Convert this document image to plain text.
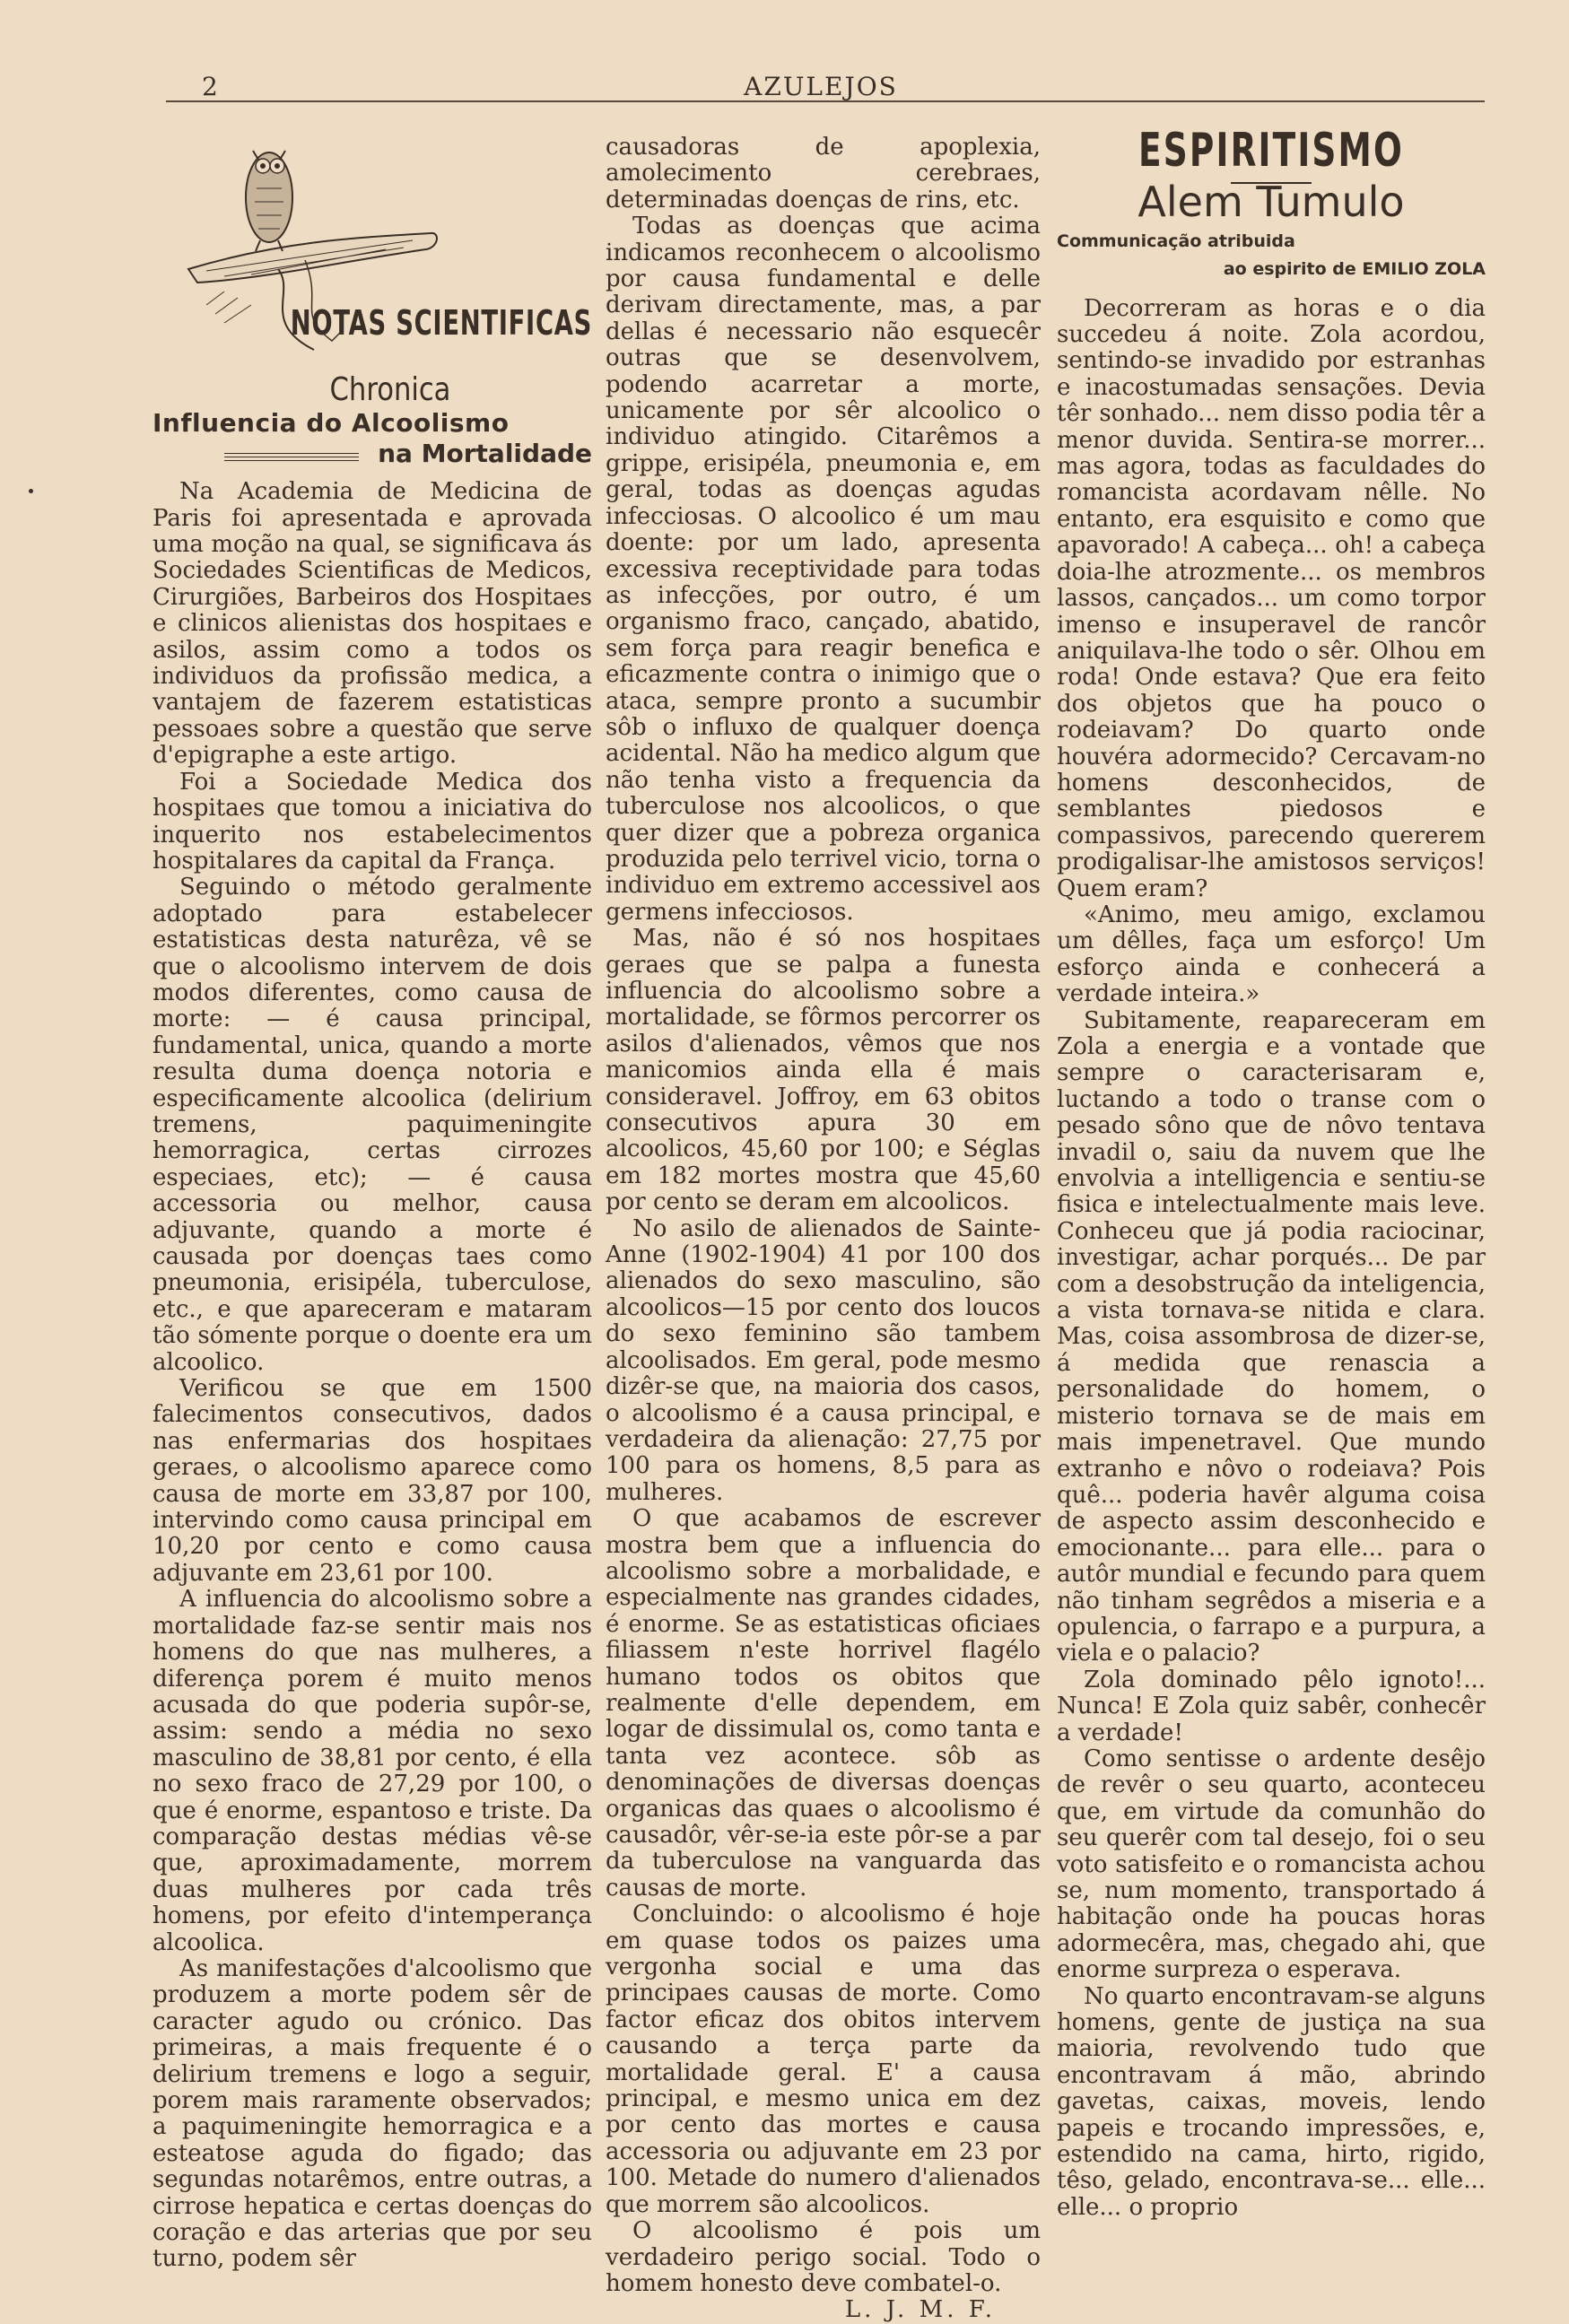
2	AZULEJOS
NOTAS SCIENTIFICAS
Chronica
Influencia do Alcoolismo
na Mortalidade

Na Academia de Medicina de Paris foi apresentada e aprovada uma moção na qual, se significava ás Sociedades Scientificas de Medicos, Cirurgiões, Barbeiros dos Hospitaes e clinicos alienistas dos hospitaes e asilos, assim como a todos os individuos da profissão medica, a vantajem de fazerem estatisticas pessoaes sobre a questão que serve d'epigraphe a este artigo.

Foi a Sociedade Medica dos hospitaes que tomou a iniciativa do inquerito nos estabelecimentos hospitalares da capital da França.

Seguindo o método geralmente adoptado para estabelecer estatisticas desta naturêza, vê se que o alcoolismo intervem de dois modos diferentes, como causa de morte: — é causa principal, fundamental, unica, quando a morte resulta duma doença notoria e especificamente alcoolica (delirium tremens, paquimeningite hemorragica, certas cirrozes especiaes, etc); — é causa accessoria ou melhor, causa adjuvante, quando a morte é causada por doenças taes como pneumonia, erisipéla, tuberculose, etc., e que apareceram e mataram tão sómente porque o doente era um alcoolico.

Verificou se que em 1500 falecimentos consecutivos, dados nas enfermarias dos hospitaes geraes, o alcoolismo aparece como causa de morte em 33,87 por 100, intervindo como causa principal em 10,20 por cento e como causa adjuvante em 23,61 por 100.

A influencia do alcoolismo sobre a mortalidade faz-se sentir mais nos homens do que nas mulheres, a diferença porem é muito menos acusada do que poderia supôr-se, assim: sendo a média no sexo masculino de 38,81 por cento, é ella no sexo fraco de 27,29 por 100, o que é enorme, espantoso e triste. Da comparação destas médias vê-se que, aproximadamente, morrem duas mulheres por cada três homens, por efeito d'intemperança alcoolica.

As manifestações d'alcoolismo que produzem a morte podem sêr de caracter agudo ou crónico. Das primeiras, a mais frequente é o delirium tremens e logo a seguir, porem mais raramente observados; a paquimeningite hemorragica e a esteatose aguda do figado; das segundas notarêmos, entre outras, a cirrose hepatica e certas doenças do coração e das arterias que por seu turno, podem sêr

causadoras de apoplexia, amolecimento cerebraes, determinadas doenças de rins, etc.

Todas as doenças que acima indicamos reconhecem o alcoolismo por causa fundamental e delle derivam directamente, mas, a par dellas é necessario não esquecêr outras que se desenvolvem, podendo acarretar a morte, unicamente por sêr alcoolico o individuo atingido. Citarêmos a grippe, erisipéla, pneumonia e, em geral, todas as doenças agudas infecciosas. O alcoolico é um mau doente: por um lado, apresenta excessiva receptividade para todas as infecções, por outro, é um organismo fraco, cançado, abatido, sem força para reagir benefica e eficazmente contra o inimigo que o ataca, sempre pronto a sucumbir sôb o influxo de qualquer doença acidental. Não ha medico algum que não tenha visto a frequencia da tuberculose nos alcoolicos, o que quer dizer que a pobreza organica produzida pelo terrivel vicio, torna o individuo em extremo accessivel aos germens infecciosos.

Mas, não é só nos hospitaes geraes que se palpa a funesta influencia do alcoolismo sobre a mortalidade, se fôrmos percorrer os asilos d'alienados, vêmos que nos manicomios ainda ella é mais consideravel. Joffroy, em 63 obitos consecutivos apura 30 em alcoolicos, 45,60 por 100; e Séglas em 182 mortes mostra que 45,60 por cento se deram em alcoolicos.

No asilo de alienados de Sainte-Anne (1902-1904) 41 por 100 dos alienados do sexo masculino, são alcoolicos—15 por cento dos loucos do sexo feminino são tambem alcoolisados. Em geral, pode mesmo dizêr-se que, na maioria dos casos, o alcoolismo é a causa principal, e verdadeira da alienação: 27,75 por 100 para os homens, 8,5 para as mulheres.

O que acabamos de escrever mostra bem que a influencia do alcoolismo sobre a morbalidade, e especialmente nas grandes cidades, é enorme. Se as estatisticas oficiaes filiassem n'este horrivel flagélo humano todos os obitos que realmente d'elle dependem, em logar de dissimulal os, como tanta e tanta vez acontece. sôb as denominações de diversas doenças organicas das quaes o alcoolismo é causadôr, vêr-se-ia este pôr-se a par da tuberculose na vanguarda das causas de morte.

Concluindo: o alcoolismo é hoje em quase todos os paizes uma vergonha social e uma das principaes causas de morte. Como factor eficaz dos obitos intervem causando a terça parte da mortalidade geral. E' a causa principal, e mesmo unica em dez por cento das mortes e causa accessoria ou adjuvante em 23 por 100. Metade do numero d'alienados que morrem são alcoolicos.

O alcoolismo é pois um verdadeiro perigo social. Todo o homem honesto deve combatel-o.

L. J. M. F.
ESPIRITISMO
Alem Tumulo
Communicação atribuida
ao espirito de EMILIO ZOLA

Decorreram as horas e o dia succedeu á noite. Zola acordou, sentindo-se invadido por estranhas e inacostumadas sensações. Devia têr sonhado... nem disso podia têr a menor duvida. Sentira-se morrer... mas agora, todas as faculdades do romancista acordavam nêlle. No entanto, era esquisito e como que apavorado! A cabeça... oh! a cabeça doia-lhe atrozmente... os membros lassos, cançados... um como torpor imenso e insuperavel de rancôr aniquilava-lhe todo o sêr. Olhou em roda! Onde estava? Que era feito dos objetos que ha pouco o rodeiavam? Do quarto onde houvéra adormecido? Cercavam-no homens desconhecidos, de semblantes piedosos e compassivos, parecendo quererem prodigalisar-lhe amistosos serviços! Quem eram?

«Animo, meu amigo, exclamou um dêlles, faça um esforço! Um esforço ainda e conhecerá a verdade inteira.»

Subitamente, reapareceram em Zola a energia e a vontade que sempre o caracterisaram e, luctando a todo o transe com o pesado sôno que de nôvo tentava invadil o, saiu da nuvem que lhe envolvia a intelligencia e sentiu-se fisica e intelectualmente mais leve. Conheceu que já podia raciocinar, investigar, achar porqués... De par com a desobstrução da inteligencia, a vista tornava-se nitida e clara. Mas, coisa assombrosa de dizer-se, á medida que renascia a personalidade do homem, o misterio tornava se de mais em mais impenetravel. Que mundo extranho e nôvo o rodeiava? Pois quê... poderia havêr alguma coisa de aspecto assim desconhecido e emocionante... para elle... para o autôr mundial e fecundo para quem não tinham segrêdos a miseria e a opulencia, o farrapo e a purpura, a viela e o palacio?

Zola dominado pêlo ignoto!... Nunca! E Zola quiz sabêr, conhecêr a verdade!

Como sentisse o ardente desêjo de revêr o seu quarto, aconteceu que, em virtude da comunhão do seu querêr com tal desejo, foi o seu voto satisfeito e o romancista achou se, num momento, transportado á habitação onde ha poucas horas adormecêra, mas, chegado ahi, que enorme surpreza o esperava.

No quarto encontravam-se alguns homens, gente de justiça na sua maioria, revolvendo tudo que encontravam á mão, abrindo gavetas, caixas, moveis, lendo papeis e trocando impressões, e, estendido na cama, hirto, rigido, têso, gelado, encontrava-se... elle... elle... o proprio
